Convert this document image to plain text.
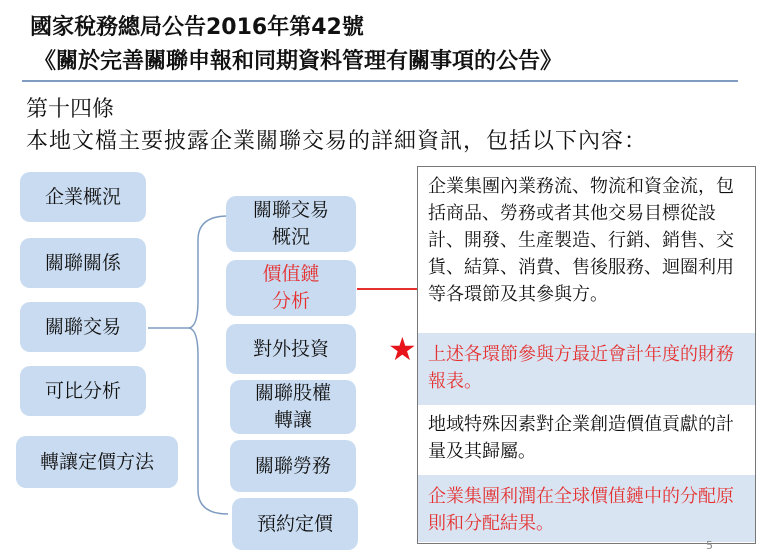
國家稅務總局公告2016年第42號
《關於完善關聯申報和同期資料管理有關事項的公告》
第十四條
本地文檔主要披露企業關聯交易的詳細資訊，包括以下內容：
企業概況
關聯關係
關聯交易
可比分析
轉讓定價方法
關聯交易
概況
價值鏈
分析
對外投資
關聯股權
轉讓
關聯勞務
預約定價
企業集團內業務流、物流和資金流，包括商品、勞務或者其他交易目標從設計、開發、生產製造、行銷、銷售、交貨、結算、消費、售後服務、迴圈利用等各環節及其參與方。
上述各環節參與方最近會計年度的財務報表。
地域特殊因素對企業創造價值貢獻的計量及其歸屬。
企業集團利潤在全球價值鏈中的分配原則和分配結果。
★
5
